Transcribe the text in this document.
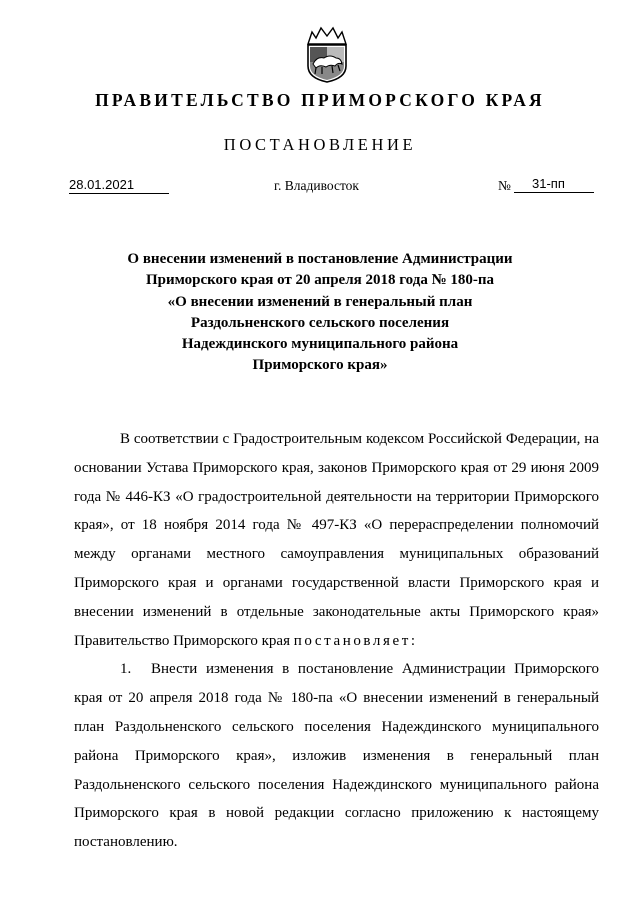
ПРАВИТЕЛЬСТВО ПРИМОРСКОГО КРАЯ
ПОСТАНОВЛЕНИЕ
28.01.2021	г. Владивосток	№	31-пп
О внесении изменений в постановление Администрации
Приморского края от 20 апреля 2018 года № 180-па
«О внесении изменений в генеральный план
Раздольненского сельского поселения
Надеждинского муниципального района
Приморского края»

В соответствии с Градостроительным кодексом Российской Федерации, на основании Устава Приморского края, законов Приморского края от 29 июня 2009 года № 446-КЗ «О градостроительной деятельности на территории Приморского края», от 18 ноября 2014 года № 497-КЗ «О перераспределении полномочий между органами местного самоуправления муниципальных образований Приморского края и органами государственной власти Приморского края и внесении изменений в отдельные законодательные акты Приморского края» Правительство Приморского края постановляет:

1. Внести изменения в постановление Администрации Приморского края от 20 апреля 2018 года № 180-па «О внесении изменений в генеральный план Раздольненского сельского поселения Надеждинского муниципального района Приморского края», изложив изменения в генеральный план Раздольненского сельского поселения Надеждинского муниципального района Приморского края в новой редакции согласно приложению к настоящему постановлению.
